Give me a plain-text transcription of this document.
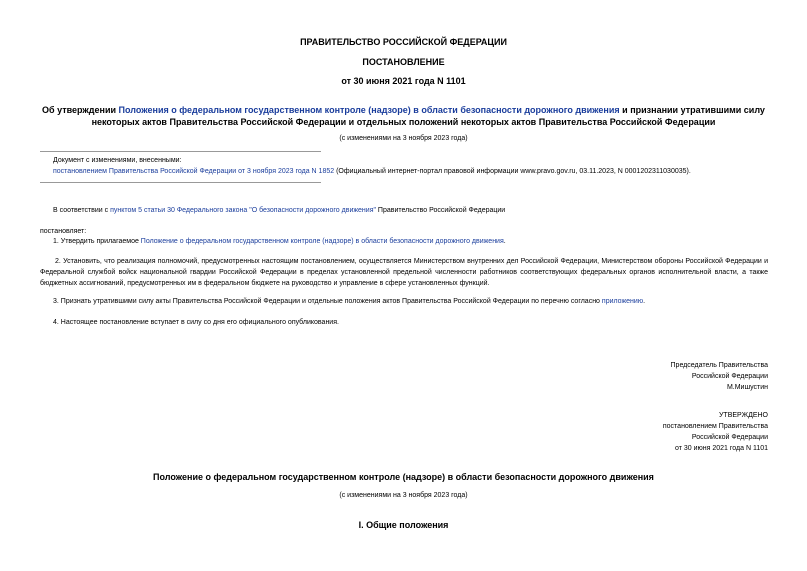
ПРАВИТЕЛЬСТВО РОССИЙСКОЙ ФЕДЕРАЦИИ
ПОСТАНОВЛЕНИЕ
от 30 июня 2021 года N 1101
Об утверждении Положения о федеральном государственном контроле (надзоре) в области безопасности дорожного движения и признании утратившими силу некоторых актов Правительства Российской Федерации и отдельных положений некоторых актов Правительства Российской Федерации
(с изменениями на 3 ноября 2023 года)
Документ с изменениями, внесенными:
постановлением Правительства Российской Федерации от 3 ноября 2023 года N 1852 (Официальный интернет-портал правовой информации www.pravo.gov.ru, 03.11.2023, N 0001202311030035).
В соответствии с пунктом 5 статьи 30 Федерального закона "О безопасности дорожного движения" Правительство Российской Федерации
постановляет:
1. Утвердить прилагаемое Положение о федеральном государственном контроле (надзоре) в области безопасности дорожного движения.
2. Установить, что реализация полномочий, предусмотренных настоящим постановлением, осуществляется Министерством внутренних дел Российской Федерации, Министерством обороны Российской Федерации и Федеральной службой войск национальной гвардии Российской Федерации в пределах установленной предельной численности работников соответствующих федеральных органов исполнительной власти, а также бюджетных ассигнований, предусмотренных им в федеральном бюджете на руководство и управление в сфере установленных функций.
3. Признать утратившими силу акты Правительства Российской Федерации и отдельные положения актов Правительства Российской Федерации по перечню согласно приложению.
4. Настоящее постановление вступает в силу со дня его официального опубликования.
Председатель Правительства
Российской Федерации
М.Мишустин
УТВЕРЖДЕНО
постановлением Правительства
Российской Федерации
от 30 июня 2021 года N 1101
Положение о федеральном государственном контроле (надзоре) в области безопасности дорожного движения
(с изменениями на 3 ноября 2023 года)
I. Общие положения
